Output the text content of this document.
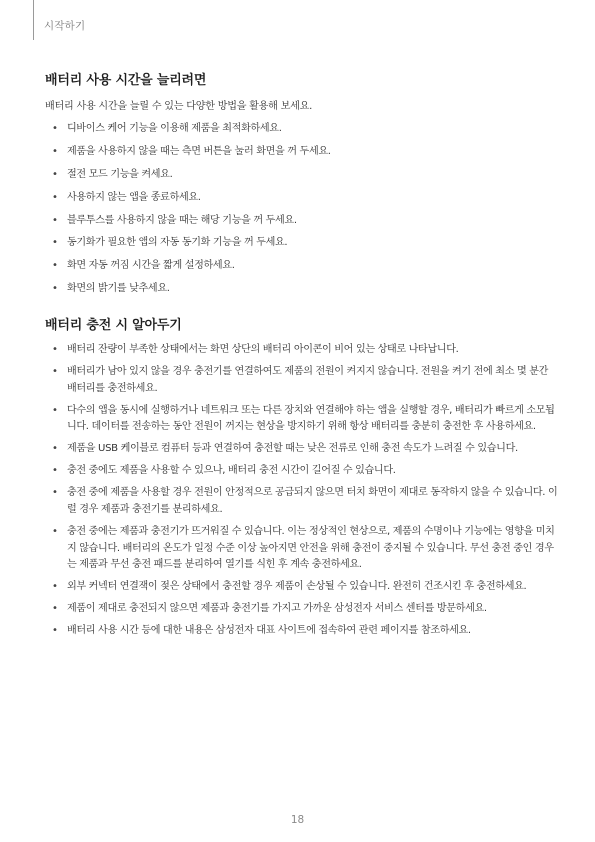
시작하기
배터리 사용 시간을 늘리려면

배터리 사용 시간을 늘릴 수 있는 다양한 방법을 활용해 보세요.

• 디바이스 케어 기능을 이용해 제품을 최적화하세요.
• 제품을 사용하지 않을 때는 측면 버튼을 눌러 화면을 꺼 두세요.
• 절전 모드 기능을 켜세요.
• 사용하지 않는 앱을 종료하세요.
• 블루투스를 사용하지 않을 때는 해당 기능을 꺼 두세요.
• 동기화가 필요한 앱의 자동 동기화 기능을 꺼 두세요.
• 화면 자동 꺼짐 시간을 짧게 설정하세요.
• 화면의 밝기를 낮추세요.
배터리 충전 시 알아두기
• 배터리 잔량이 부족한 상태에서는 화면 상단의 배터리 아이콘이 비어 있는 상태로 나타납니다.
• 배터리가 남아 있지 않을 경우 충전기를 연결하여도 제품의 전원이 켜지지 않습니다. 전원을 켜기 전에 최소 몇 분간 배터리를 충전하세요.
• 다수의 앱을 동시에 실행하거나 네트워크 또는 다른 장치와 연결해야 하는 앱을 실행할 경우, 배터리가 빠르게 소모됩니다. 데이터를 전송하는 동안 전원이 꺼지는 현상을 방지하기 위해 항상 배터리를 충분히 충전한 후 사용하세요.
• 제품을 USB 케이블로 컴퓨터 등과 연결하여 충전할 때는 낮은 전류로 인해 충전 속도가 느려질 수 있습니다.
• 충전 중에도 제품을 사용할 수 있으나, 배터리 충전 시간이 길어질 수 있습니다.
• 충전 중에 제품을 사용할 경우 전원이 안정적으로 공급되지 않으면 터치 화면이 제대로 동작하지 않을 수 있습니다. 이럴 경우 제품과 충전기를 분리하세요.
• 충전 중에는 제품과 충전기가 뜨거워질 수 있습니다. 이는 정상적인 현상으로, 제품의 수명이나 기능에는 영향을 미치지 않습니다. 배터리의 온도가 일정 수준 이상 높아지면 안전을 위해 충전이 중지될 수 있습니다. 무선 충전 중인 경우는 제품과 무선 충전 패드를 분리하여 열기를 식힌 후 계속 충전하세요.
• 외부 커넥터 연결잭이 젖은 상태에서 충전할 경우 제품이 손상될 수 있습니다. 완전히 건조시킨 후 충전하세요.
• 제품이 제대로 충전되지 않으면 제품과 충전기를 가지고 가까운 삼성전자 서비스 센터를 방문하세요.
• 배터리 사용 시간 등에 대한 내용은 삼성전자 대표 사이트에 접속하여 관련 페이지를 참조하세요.
18
